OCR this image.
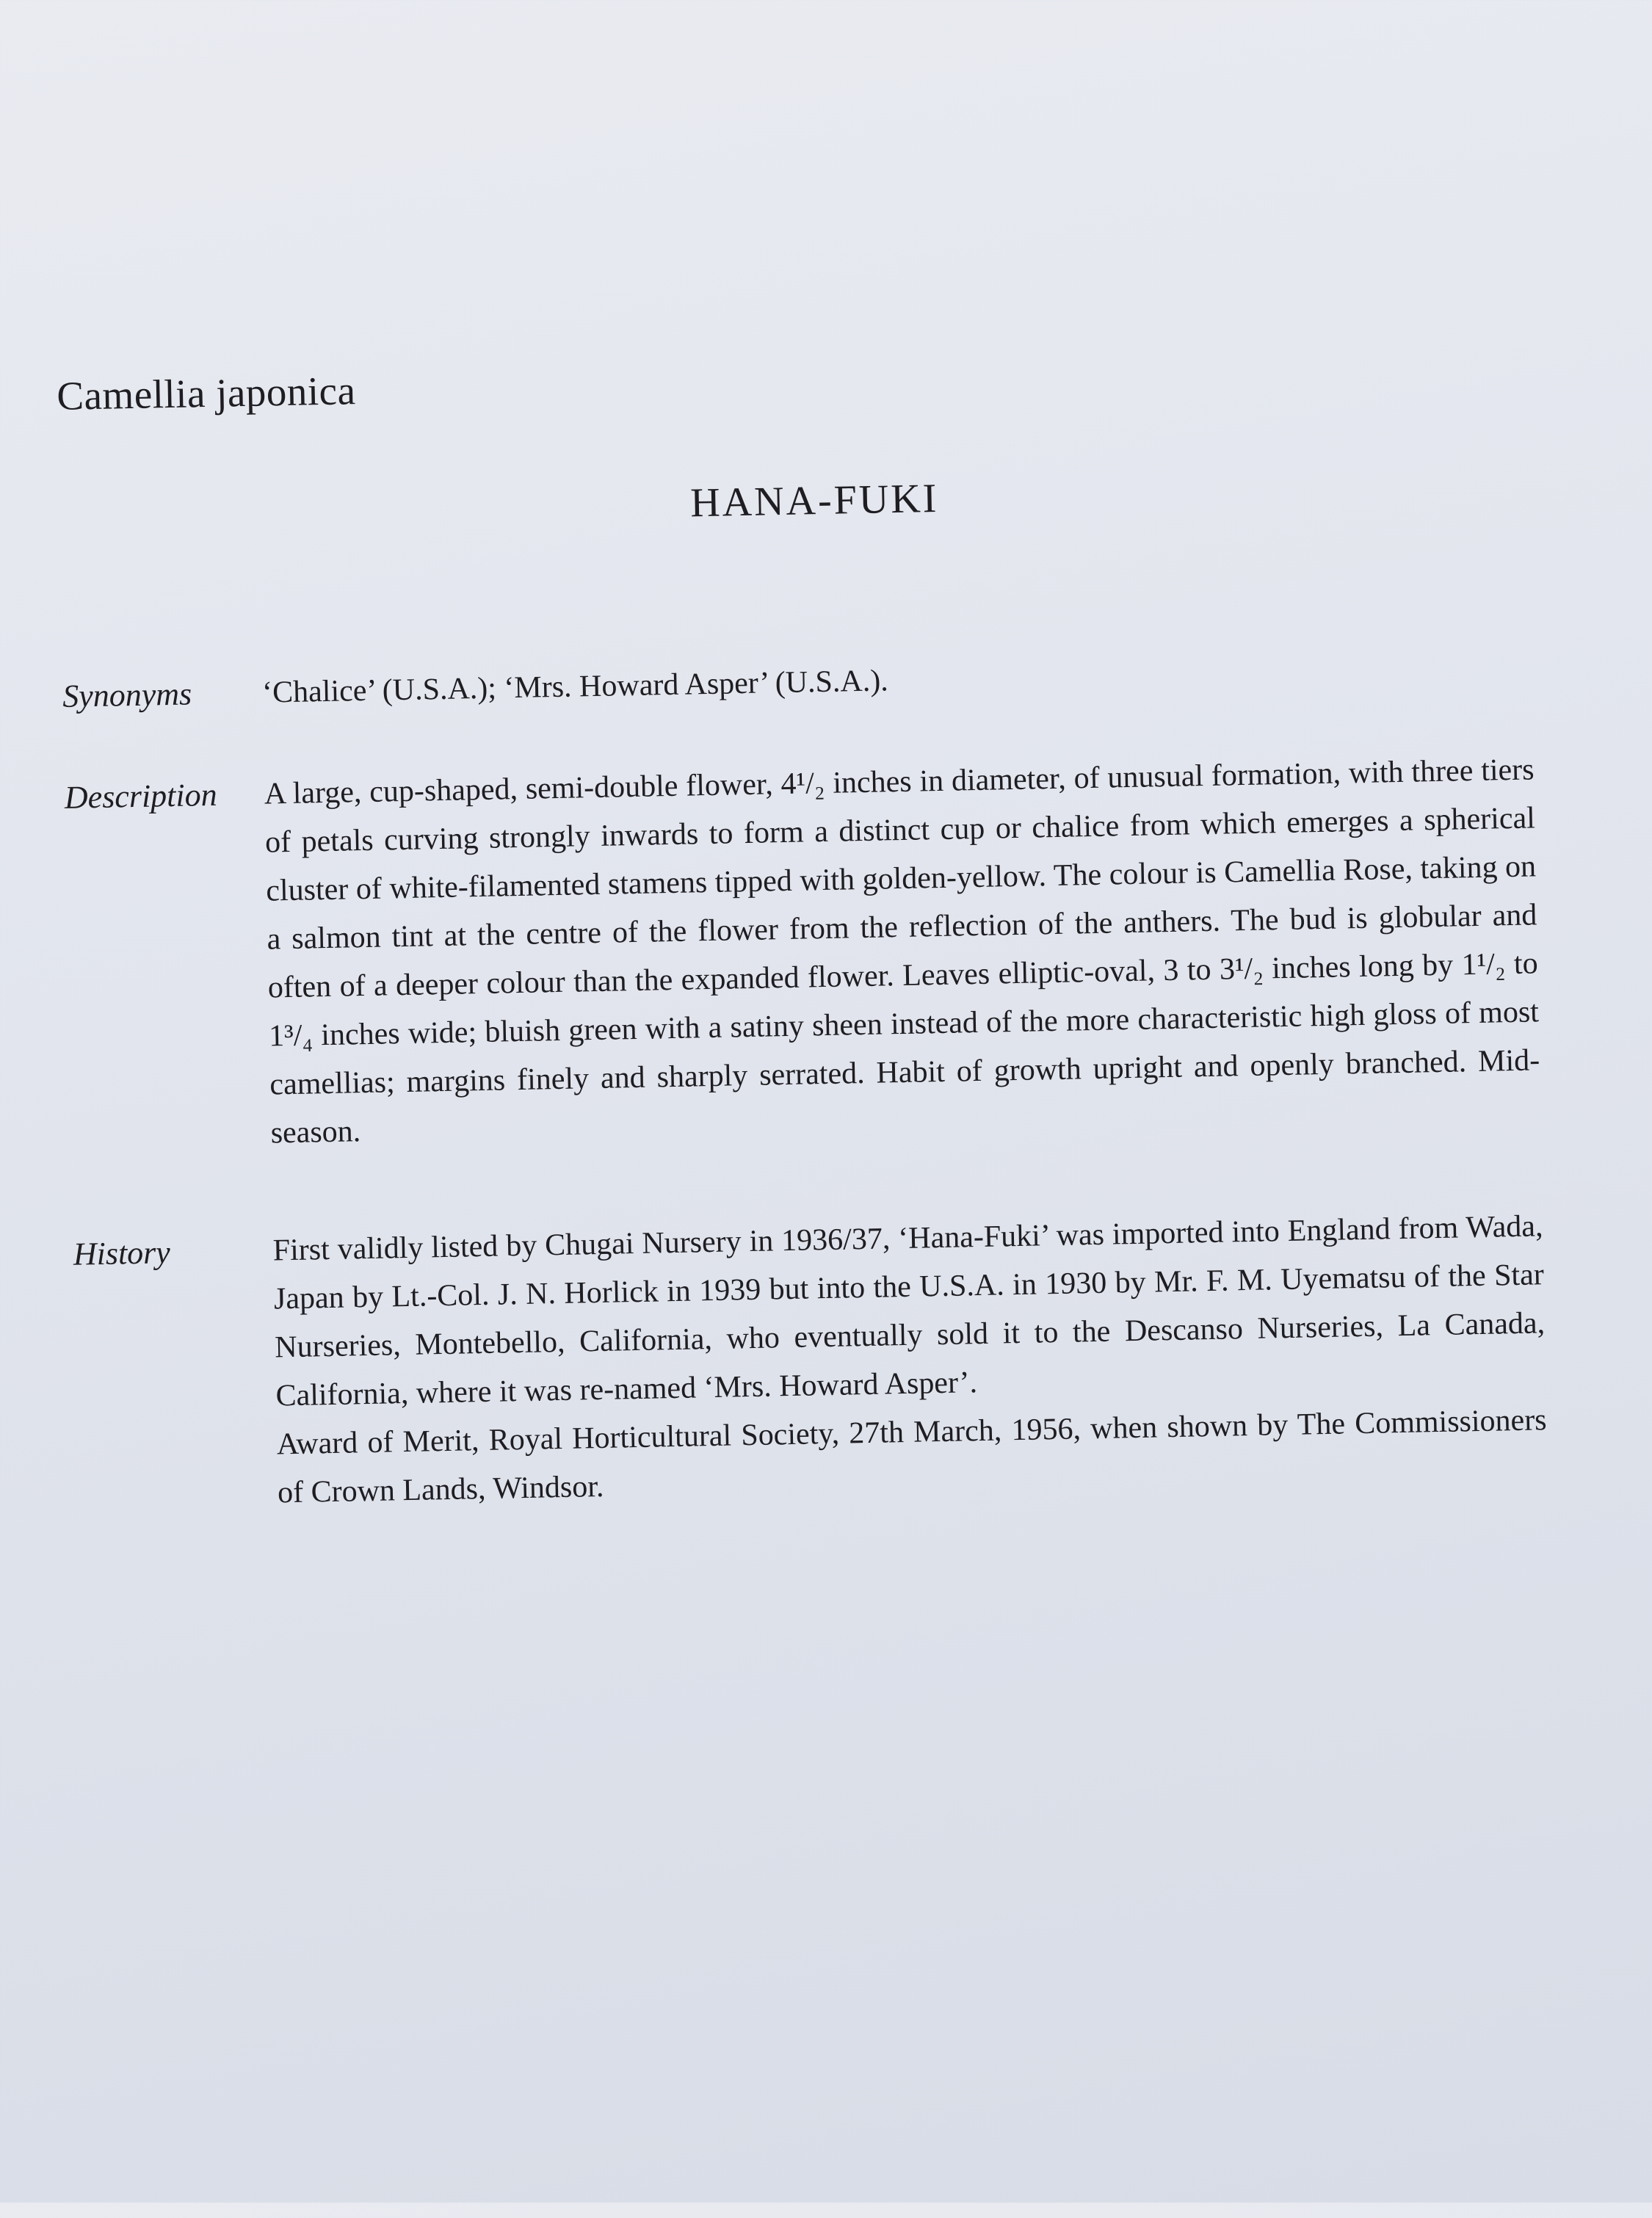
Camellia japonica
HANA-FUKI
Synonyms	‘Chalice’ (U.S.A.); ‘Mrs. Howard Asper’ (U.S.A.).
Description	A large, cup-shaped, semi-double flower, 4¹/₂ inches in diameter, of unusual formation, with three tiers of petals curving strongly inwards to form a distinct cup or chalice from which emerges a spherical cluster of white-filamented stamens tipped with golden-yellow. The colour is Camellia Rose, taking on a salmon tint at the centre of the flower from the reflection of the anthers. The bud is globular and often of a deeper colour than the expanded flower. Leaves elliptic-oval, 3 to 3¹/₂ inches long by 1¹/₂ to 1³/₄ inches wide; bluish green with a satiny sheen instead of the more characteristic high gloss of most camellias; margins finely and sharply serrated. Habit of growth upright and openly branched. Mid-season.
History	First validly listed by Chugai Nursery in 1936/37, ‘Hana-Fuki’ was imported into England from Wada, Japan by Lt.-Col. J. N. Horlick in 1939 but into the U.S.A. in 1930 by Mr. F. M. Uyematsu of the Star Nurseries, Montebello, California, who eventually sold it to the Descanso Nurseries, La Canada, California, where it was re-named ‘Mrs. Howard Asper’.

Award of Merit, Royal Horticultural Society, 27th March, 1956, when shown by The Commissioners of Crown Lands, Windsor.
